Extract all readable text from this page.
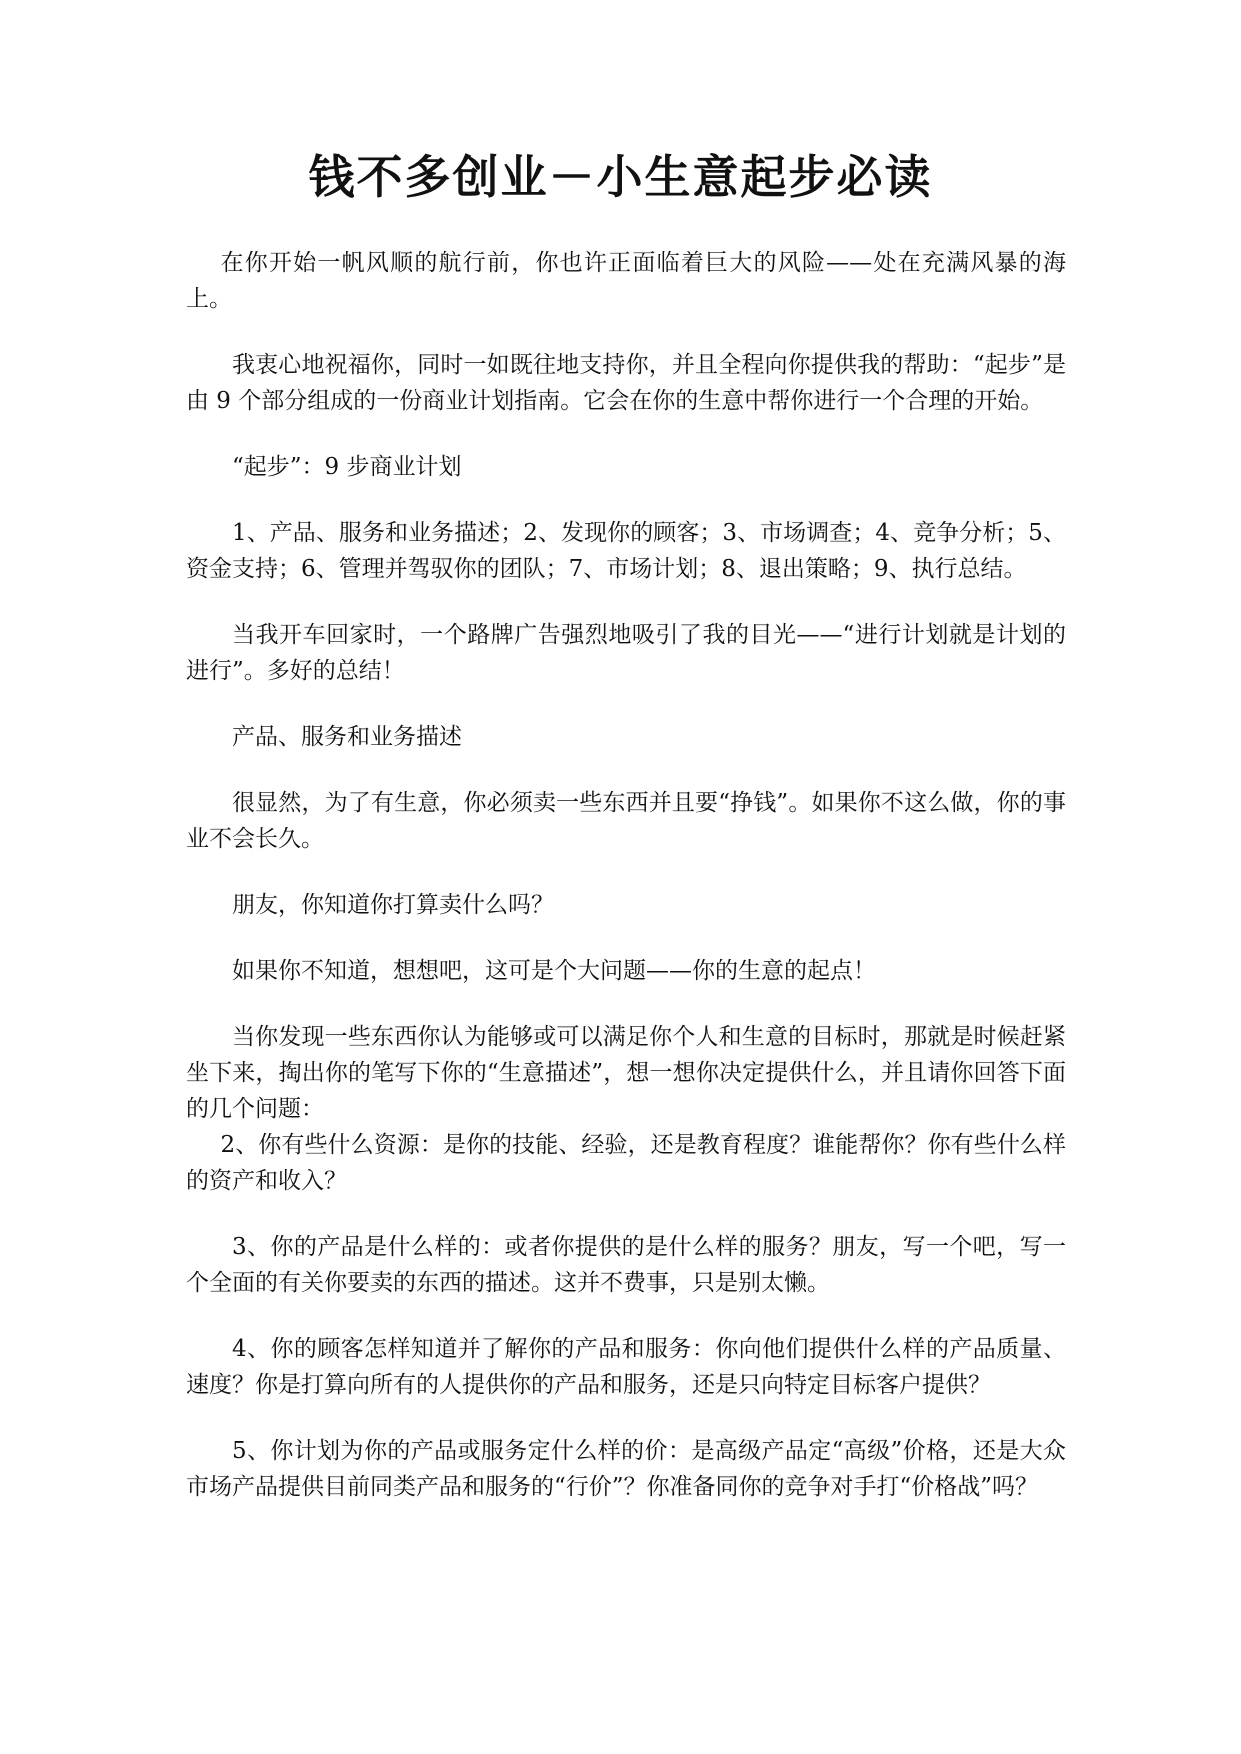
钱不多创业－小生意起步必读

在你开始一帆风顺的航行前，你也许正面临着巨大的风险——处在充满风暴的海上。

我衷心地祝福你，同时一如既往地支持你，并且全程向你提供我的帮助：“起步”是由 9 个部分组成的一份商业计划指南。它会在你的生意中帮你进行一个合理的开始。

“起步”：9 步商业计划

1、产品、服务和业务描述；2、发现你的顾客；3、市场调查；4、竞争分析；5、资金支持；6、管理并驾驭你的团队；7、市场计划；8、退出策略；9、执行总结。

当我开车回家时，一个路牌广告强烈地吸引了我的目光——“进行计划就是计划的进行”。多好的总结！

产品、服务和业务描述

很显然，为了有生意，你必须卖一些东西并且要“挣钱”。如果你不这么做，你的事业不会长久。

朋友，你知道你打算卖什么吗？

如果你不知道，想想吧，这可是个大问题——你的生意的起点！

当你发现一些东西你认为能够或可以满足你个人和生意的目标时，那就是时候赶紧坐下来，掏出你的笔写下你的“生意描述”，想一想你决定提供什么，并且请你回答下面的几个问题：

2、你有些什么资源：是你的技能、经验，还是教育程度？谁能帮你？你有些什么样的资产和收入？

3、你的产品是什么样的：或者你提供的是什么样的服务？朋友，写一个吧，写一个全面的有关你要卖的东西的描述。这并不费事，只是别太懒。

4、你的顾客怎样知道并了解你的产品和服务：你向他们提供什么样的产品质量、速度？你是打算向所有的人提供你的产品和服务，还是只向特定目标客户提供？

5、你计划为你的产品或服务定什么样的价：是高级产品定“高级”价格，还是大众市场产品提供目前同类产品和服务的“行价”？你准备同你的竞争对手打“价格战”吗？
